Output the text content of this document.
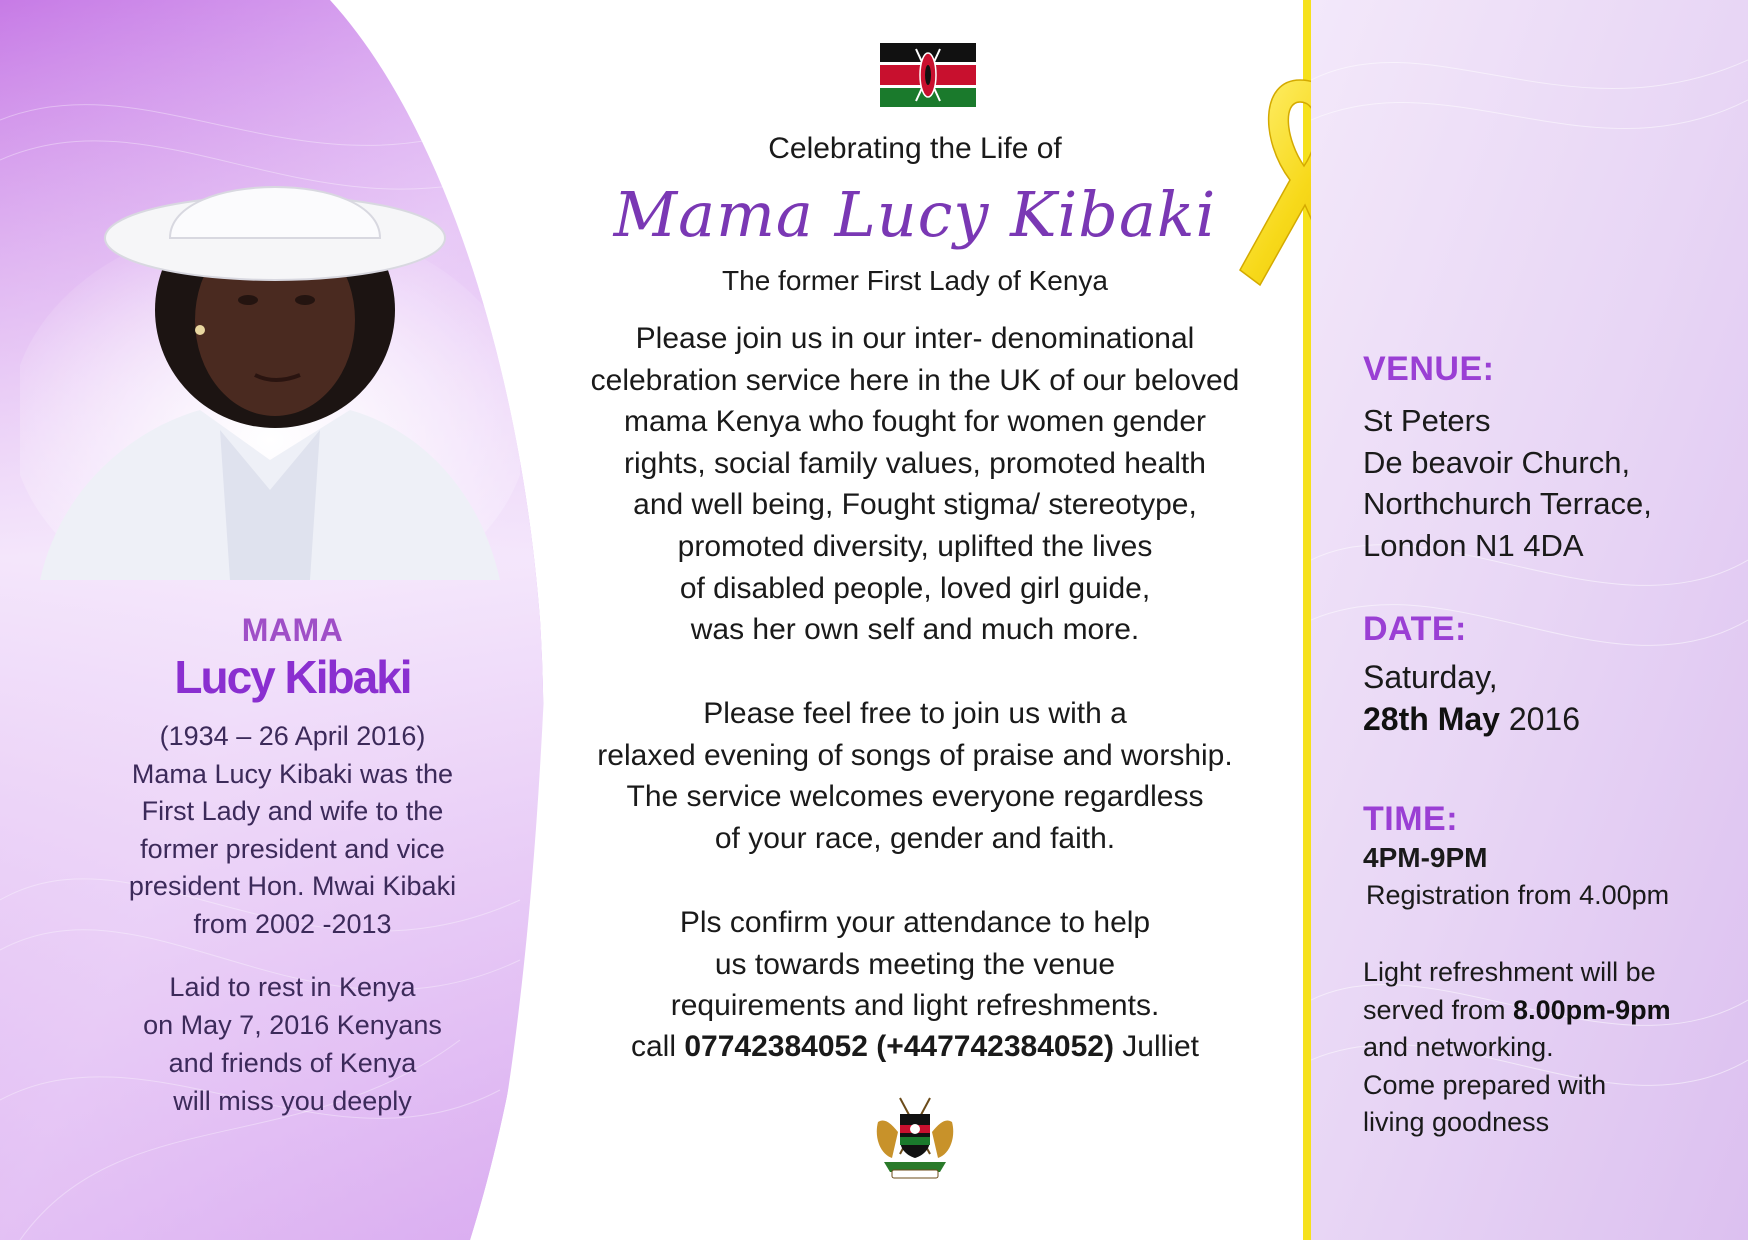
MAMA
Lucy Kibaki
(1934 – 26 April 2016)
Mama Lucy Kibaki was the
First Lady and wife to the
former president and vice
president Hon. Mwai Kibaki
from 2002 -2013
Laid to rest in Kenya
on May 7, 2016 Kenyans
and friends of Kenya
will miss you deeply
Celebrating the Life of
Mama Lucy Kibaki
The former First Lady of Kenya
Please join us in our inter- denominational
celebration service here in the UK of our beloved
mama Kenya who fought for women gender
rights, social family values, promoted health
and well being, Fought stigma/ stereotype,
promoted diversity, uplifted the lives
of disabled people, loved girl guide,
was her own self and much more.
Please feel free to join us with a
relaxed evening of songs of praise and worship.
The service welcomes everyone regardless
of your race, gender and faith.
Pls confirm your attendance to help
us towards meeting the venue
requirements and light refreshments.
call 07742384052 (+447742384052) Julliet
VENUE:
St Peters
De beavoir Church,
Northchurch Terrace,
London N1 4DA
DATE:
Saturday,
28th May 2016
TIME:
4PM-9PM
Registration from 4.00pm
Light refreshment will be
served from 8.00pm-9pm
and networking.
Come prepared with
living goodness
